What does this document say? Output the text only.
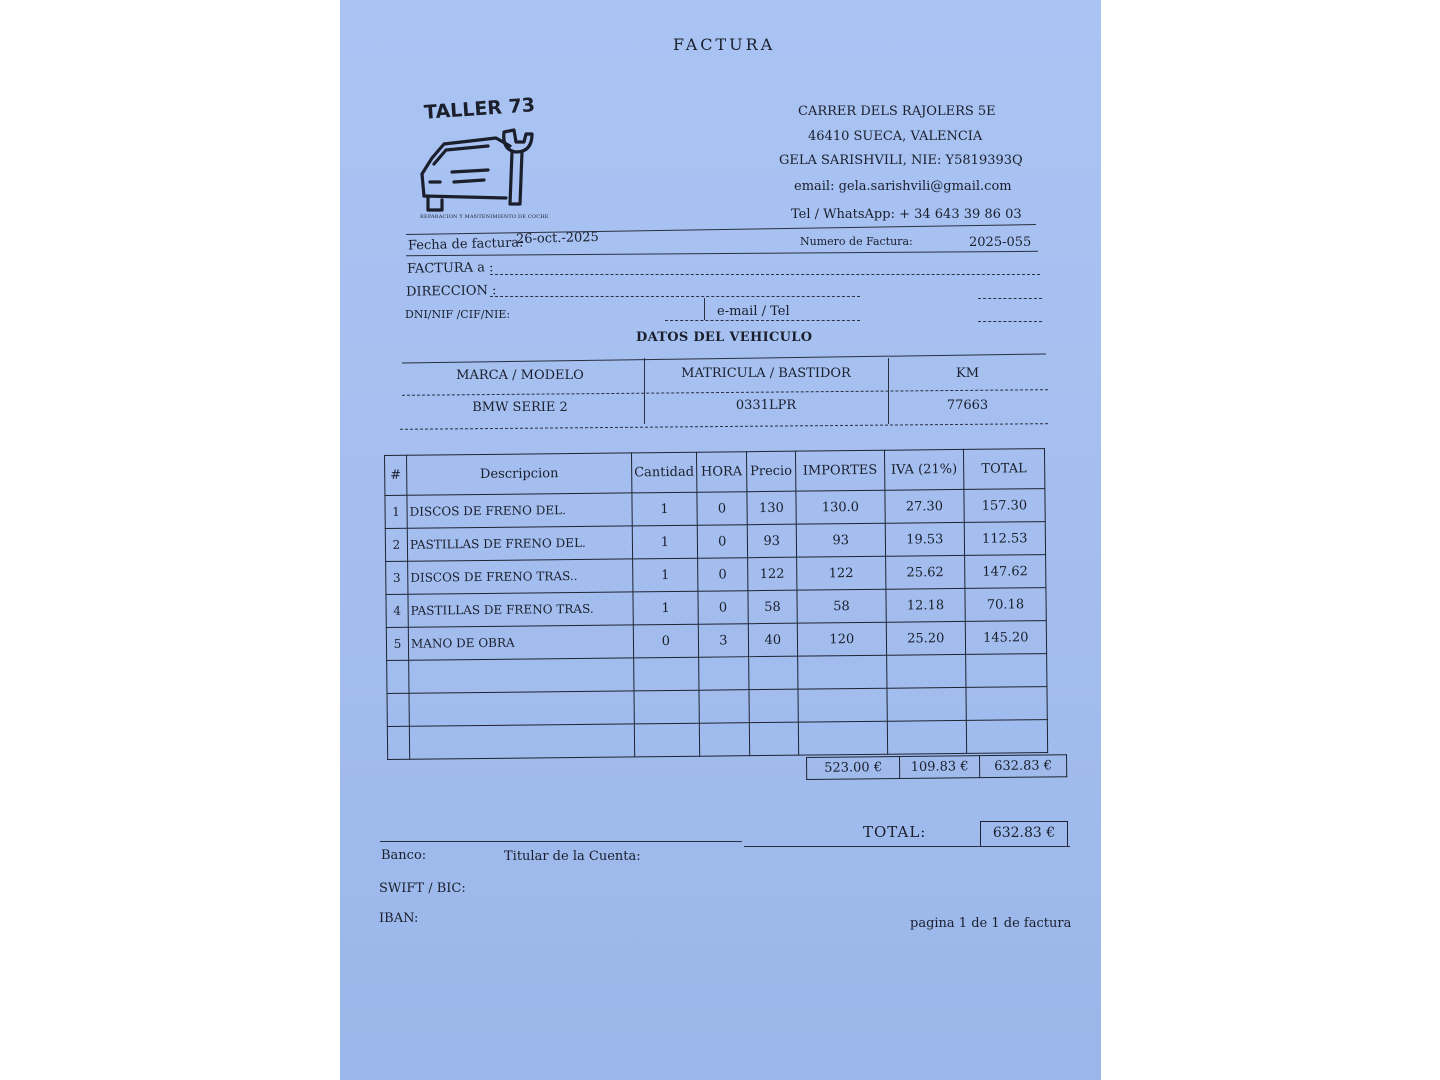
FACTURA
TALLER 73
REPARACION Y MANTENIMIENTO DE COCHE
CARRER DELS RAJOLERS 5E
46410 SUECA, VALENCIA
GELA SARISHVILI, NIE: Y5819393Q
email: gela.sarishvili@gmail.com
Tel / WhatsApp: + 34 643 39 86 03
Fecha de factura:
26-oct.-2025	Numero de Factura:	2025-055
FACTURA a :
DIRECCION :
DNI/NIF /CIF/NIE:	e-mail / Tel
DATOS DEL VEHICULO
MARCA / MODELO	MATRICULA / BASTIDOR	KM
BMW SERIE 2	0331LPR	77663
#	Descripcion	Cantidad	HORA	Precio	IMPORTES	IVA (21%)	TOTAL
1	DISCOS DE FRENO DEL.	1	0	130	130.0	27.30	157.30
2	PASTILLAS DE FRENO DEL.	1	0	93	93	19.53	112.53
3	DISCOS DE FRENO TRAS..	1	0	122	122	25.62	147.62
4	PASTILLAS DE FRENO TRAS.	1	0	58	58	12.18	70.18
5	MANO DE OBRA	0	3	40	120	25.20	145.20

523.00 €	109.83 €	632.83 €
TOTAL:	632.83 €
Banco:	Titular de la Cuenta:
SWIFT / BIC:
IBAN:	pagina 1 de 1 de factura
